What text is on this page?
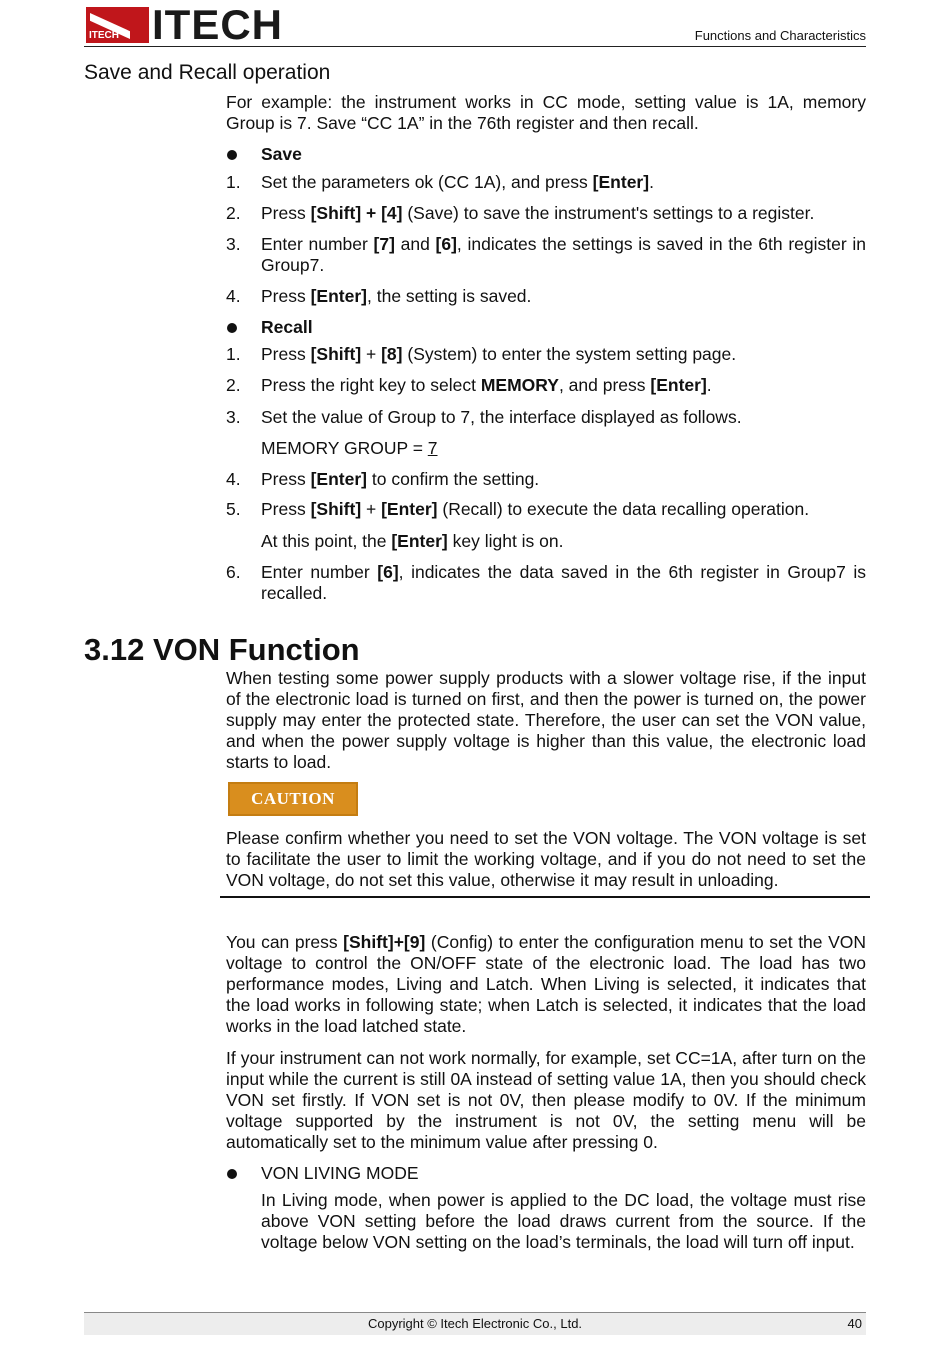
ITECH ITECH	Functions and Characteristics
Save and Recall operation

For example: the instrument works in CC mode, setting value is 1A, memory Group is 7. Save “CC 1A” in the 76th register and then recall.

Save
1. Set the parameters ok (CC 1A), and press [Enter].
2. Press [Shift] + [4] (Save) to save the instrument's settings to a register.
3. Enter number [7] and [6], indicates the settings is saved in the 6th register in Group7.
4. Press [Enter], the setting is saved.
Recall
1. Press [Shift] + [8] (System) to enter the system setting page.
2. Press the right key to select MEMORY, and press [Enter].
3. Set the value of Group to 7, the interface displayed as follows.
MEMORY GROUP = 7
4. Press [Enter] to confirm the setting.
5. Press [Shift] + [Enter] (Recall) to execute the data recalling operation.
At this point, the [Enter] key light is on.
6. Enter number [6], indicates the data saved in the 6th register in Group7 is recalled.
3.12 VON Function

When testing some power supply products with a slower voltage rise, if the input of the electronic load is turned on first, and then the power is turned on, the power supply may enter the protected state. Therefore, the user can set the VON value, and when the power supply voltage is higher than this value, the electronic load starts to load.

CAUTION

Please confirm whether you need to set the VON voltage. The VON voltage is set to facilitate the user to limit the working voltage, and if you do not need to set the VON voltage, do not set this value, otherwise it may result in unloading.

You can press [Shift]+[9] (Config) to enter the configuration menu to set the VON voltage to control the ON/OFF state of the electronic load. The load has two performance modes, Living and Latch. When Living is selected, it indicates that the load works in following state; when Latch is selected, it indicates that the load works in the load latched state.

If your instrument can not work normally, for example, set CC=1A, after turn on the input while the current is still 0A instead of setting value 1A, then you should check VON set firstly. If VON set is not 0V, then please modify to 0V. If the minimum voltage supported by the instrument is not 0V, the setting menu will be automatically set to the minimum value after pressing 0.

VON LIVING MODE

In Living mode, when power is applied to the DC load, the voltage must rise above VON setting before the load draws current from the source. If the voltage below VON setting on the load’s terminals, the load will turn off input.

Copyright © Itech Electronic Co., Ltd.	40
